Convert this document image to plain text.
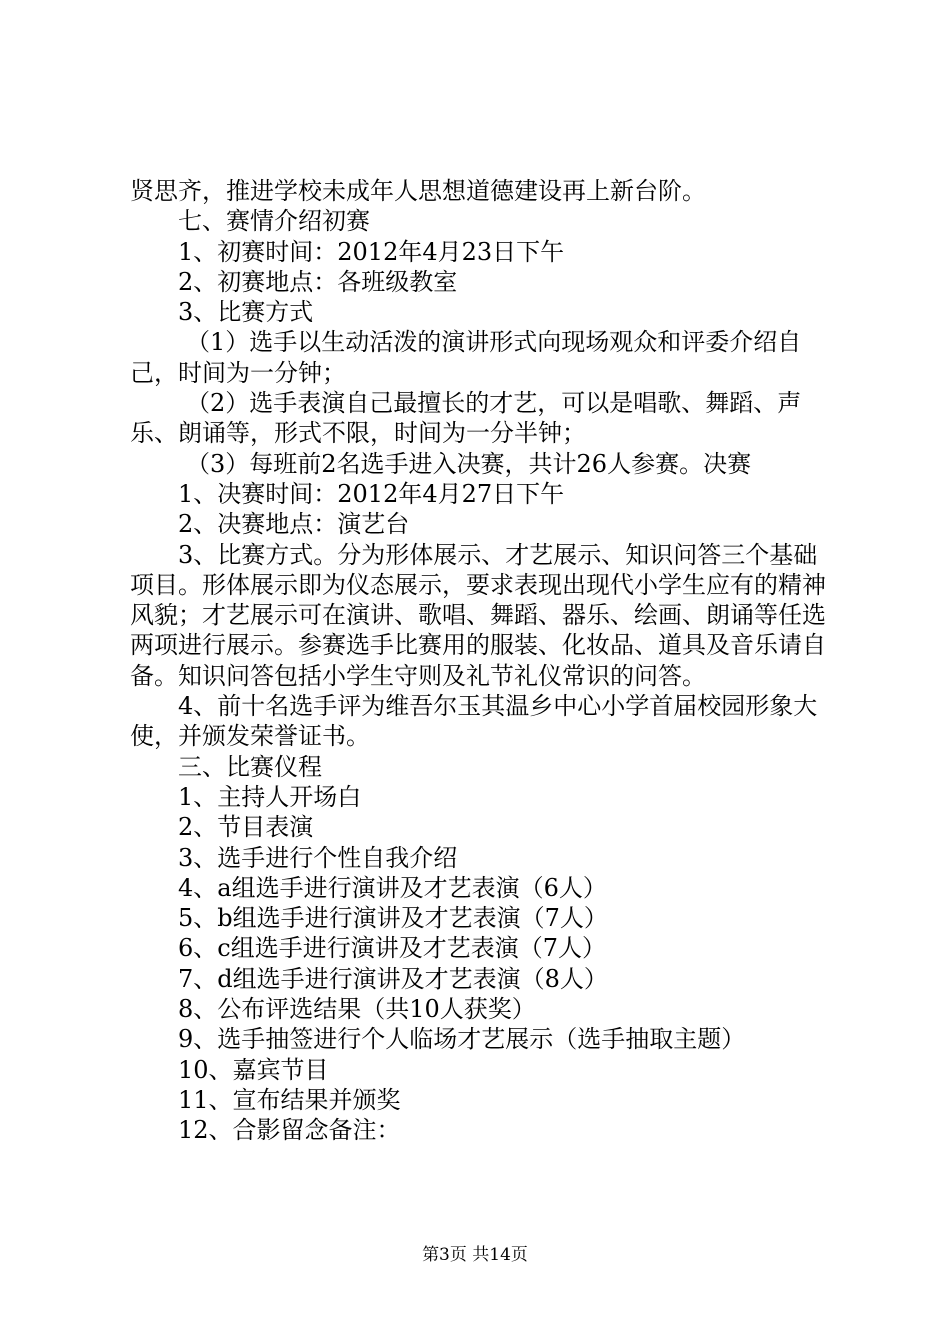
贤思齐，推进学校未成年人思想道德建设再上新台阶。

七、赛情介绍初赛

1、初赛时间：2012年4月23日下午

2、初赛地点：各班级教室

3、比赛方式

（1）选手以生动活泼的演讲形式向现场观众和评委介绍自己，时间为一分钟；

（2）选手表演自己最擅长的才艺，可以是唱歌、舞蹈、声乐、朗诵等，形式不限，时间为一分半钟；

（3）每班前2名选手进入决赛，共计26人参赛。决赛

1、决赛时间：2012年4月27日下午

2、决赛地点：演艺台

3、比赛方式。分为形体展示、才艺展示、知识问答三个基础项目。形体展示即为仪态展示，要求表现出现代小学生应有的精神风貌；才艺展示可在演讲、歌唱、舞蹈、器乐、绘画、朗诵等任选两项进行展示。参赛选手比赛用的服装、化妆品、道具及音乐请自备。知识问答包括小学生守则及礼节礼仪常识的问答。

4、前十名选手评为维吾尔玉其温乡中心小学首届校园形象大使，并颁发荣誉证书。

三、比赛仪程

1、主持人开场白

2、节目表演

3、选手进行个性自我介绍

4、a组选手进行演讲及才艺表演（6人）

5、b组选手进行演讲及才艺表演（7人）

6、c组选手进行演讲及才艺表演（7人）

7、d组选手进行演讲及才艺表演（8人）

8、公布评选结果（共10人获奖）

9、选手抽签进行个人临场才艺展示（选手抽取主题）

10、嘉宾节目

11、宣布结果并颁奖

12、合影留念备注：

第3页 共14页
